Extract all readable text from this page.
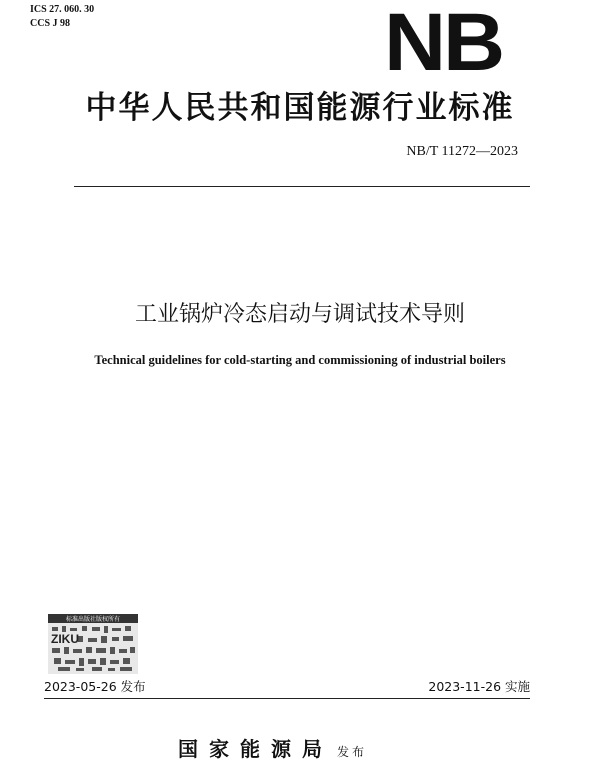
ICS 27. 060. 30
CCS J 98	NB
中华人民共和国能源行业标准
NB/T 11272—2023
工业锅炉冷态启动与调试技术导则
Technical guidelines for cold-starting and commissioning of industrial boilers
标准出版社版权所有
ZIKU
2023-05-26 发布	2023-11-26 实施
国家能源局 发布
